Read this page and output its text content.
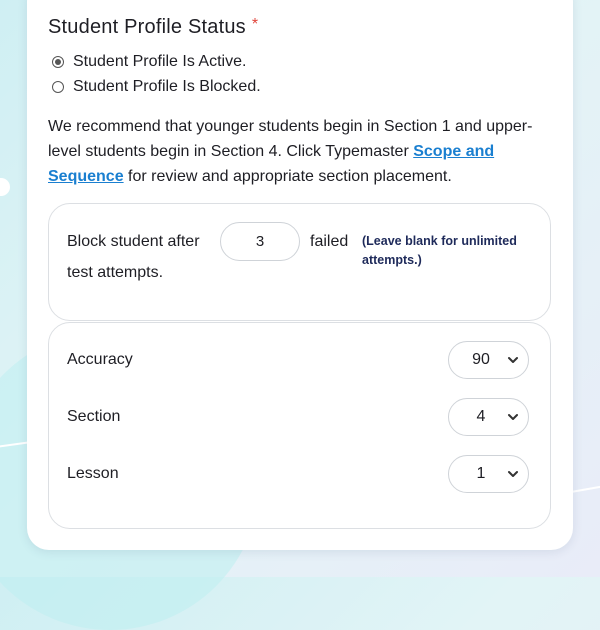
Student Profile Status *
Student Profile Is Active.
Student Profile Is Blocked.
We recommend that younger students begin in Section 1 and upper-level students begin in Section 4. Click Typemaster Scope and Sequence for review and appropriate section placement.
Block student after
3	failed
test attempts.
(Leave blank for unlimited attempts.)
Accuracy	90
Section	4
Lesson	1
